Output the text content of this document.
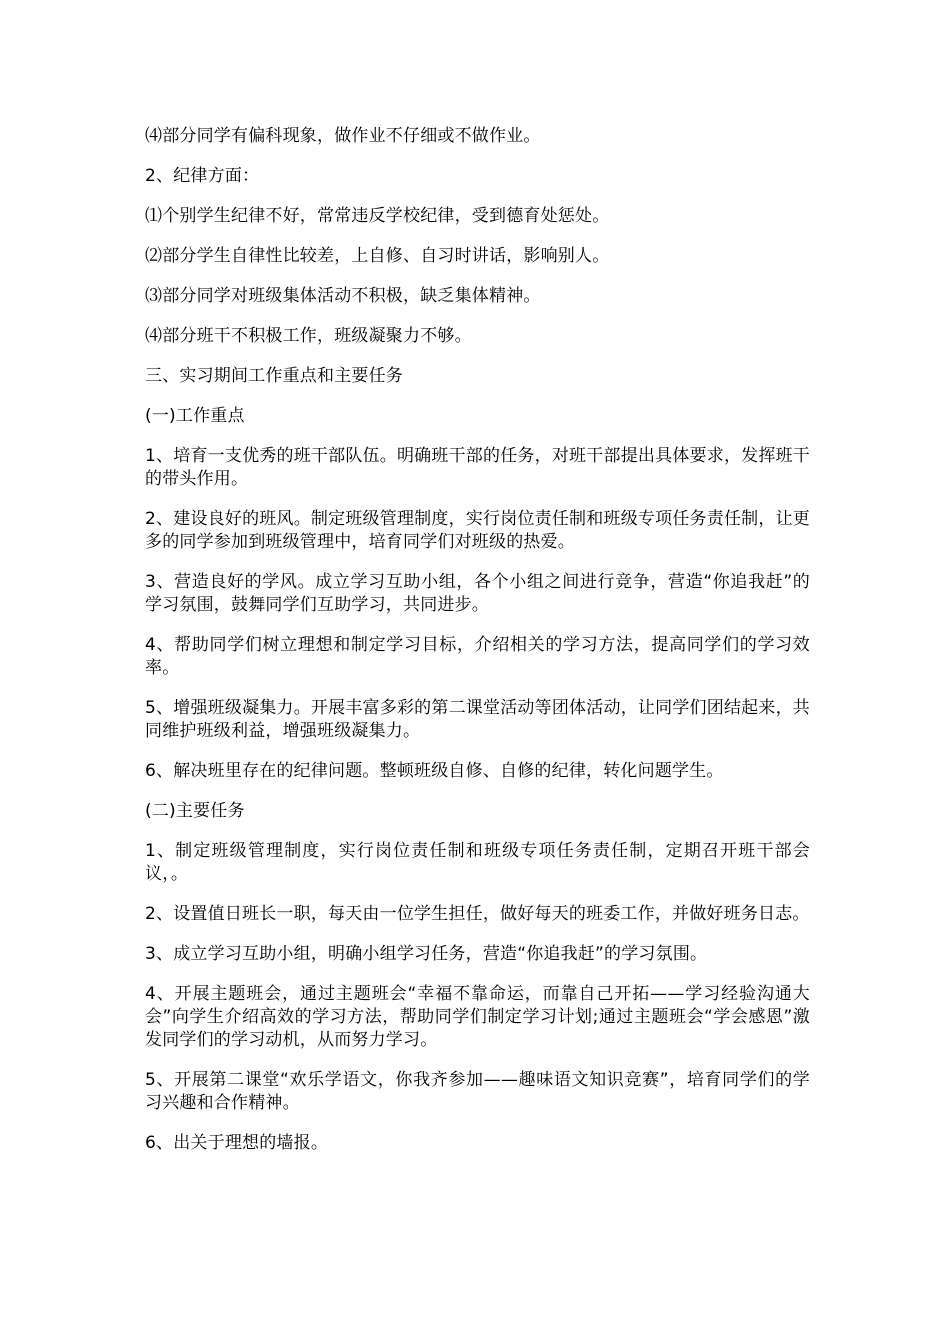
⑷部分同学有偏科现象，做作业不仔细或不做作业。

2、纪律方面：

⑴个别学生纪律不好，常常违反学校纪律，受到德育处惩处。

⑵部分学生自律性比较差，上自修、自习时讲话，影响别人。

⑶部分同学对班级集体活动不积极，缺乏集体精神。

⑷部分班干不积极工作，班级凝聚力不够。

三、实习期间工作重点和主要任务

(一)工作重点

1、培育一支优秀的班干部队伍。明确班干部的任务，对班干部提出具体要求，发挥班干的带头作用。

2、建设良好的班风。制定班级管理制度，实行岗位责任制和班级专项任务责任制，让更多的同学参加到班级管理中，培育同学们对班级的热爱。

3、营造良好的学风。成立学习互助小组，各个小组之间进行竞争，营造“你追我赶”的学习氛围，鼓舞同学们互助学习，共同进步。

4、帮助同学们树立理想和制定学习目标，介绍相关的学习方法，提高同学们的学习效率。

5、增强班级凝集力。开展丰富多彩的第二课堂活动等团体活动，让同学们团结起来，共同维护班级利益，增强班级凝集力。

6、解决班里存在的纪律问题。整顿班级自修、自修的纪律，转化问题学生。

(二)主要任务

1、制定班级管理制度，实行岗位责任制和班级专项任务责任制，定期召开班干部会议，。

2、设置值日班长一职，每天由一位学生担任，做好每天的班委工作，并做好班务日志。

3、成立学习互助小组，明确小组学习任务，营造“你追我赶”的学习氛围。

4、开展主题班会，通过主题班会“幸福不靠命运，而靠自己开拓——学习经验沟通大会”向学生介绍高效的学习方法，帮助同学们制定学习计划;通过主题班会“学会感恩”激发同学们的学习动机，从而努力学习。

5、开展第二课堂“欢乐学语文，你我齐参加——趣味语文知识竞赛”，培育同学们的学习兴趣和合作精神。

6、出关于理想的墙报。
